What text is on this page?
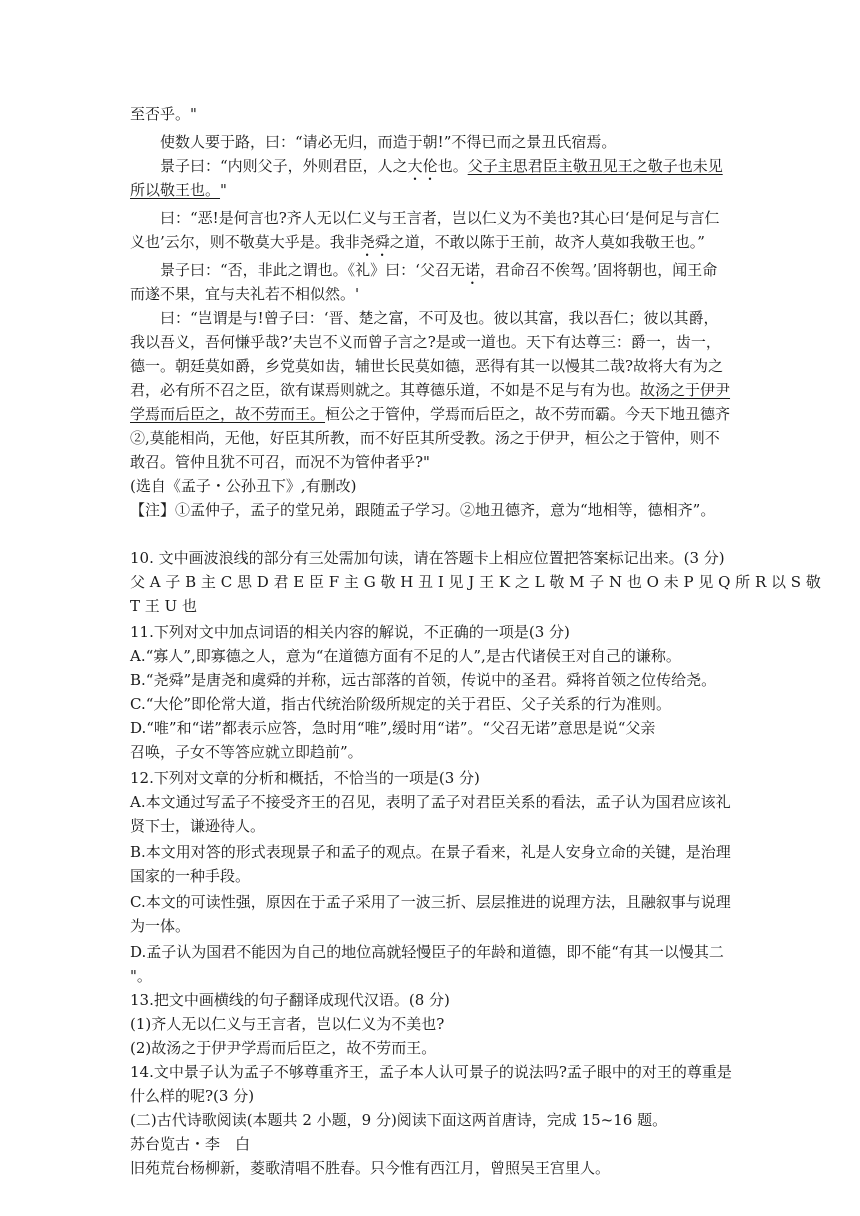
至否乎。"
使数人要于路，曰：“请必无归，而造于朝!”不得已而之景丑氏宿焉。
景子曰：“内则父子，外则君臣，人之大伦也。父子主思君臣主敬丑见王之敬子也未见
所以敬王也。"
曰：“恶!是何言也?齐人无以仁义与王言者，岂以仁义为不美也?其心曰‘是何足与言仁
义也’云尔，则不敬莫大乎是。我非尧舜之道，不敢以陈于王前，故齐人莫如我敬王也。”
景子曰：“否，非此之谓也。《礼》曰：‘父召无诺，君命召不俟驾。’固将朝也，闻王命
而遂不果，宜与夫礼若不相似然。'
曰：“岂谓是与!曾子曰：‘晋、楚之富，不可及也。彼以其富，我以吾仁；彼以其爵，
我以吾义，吾何慊乎哉?’夫岂不义而曾子言之?是或一道也。天下有达尊三：爵一，齿一，
德一。朝廷莫如爵，乡党莫如齿，辅世长民莫如德，恶得有其一以慢其二哉?故将大有为之
君，必有所不召之臣，欲有谋焉则就之。其尊德乐道，不如是不足与有为也。故汤之于伊尹
学焉而后臣之，故不劳而王。桓公之于管仲，学焉而后臣之，故不劳而霸。今天下地丑德齐
②,莫能相尚，无他，好臣其所教，而不好臣其所受教。汤之于伊尹，桓公之于管仲，则不
敢召。管仲且犹不可召，而况不为管仲者乎?"
(选自《孟子・公孙丑下》,有删改)
【注】①孟仲子，孟子的堂兄弟，跟随孟子学习。②地丑德齐，意为“地相等，德相齐”。
10. 文中画波浪线的部分有三处需加句读，请在答题卡上相应位置把答案标记出来。(3 分)
父 A 子 B 主 C 思 D 君 E 臣 F 主 G 敬 H 丑 I 见 J 王 K 之 L 敬 M 子 N 也 O 未 P 见 Q 所 R 以 S 敬
T 王 U 也
11.下列对文中加点词语的相关内容的解说，不正确的一项是(3 分)
A.“寡人”,即寡德之人，意为“在道德方面有不足的人”,是古代诸侯王对自己的谦称。
B.“尧舜”是唐尧和虞舜的并称，远古部落的首领，传说中的圣君。舜将首领之位传给尧。
C.“大伦”即伦常大道，指古代统治阶级所规定的关于君臣、父子关系的行为准则。
D.“唯”和“诺”都表示应答，急时用“唯”,缓时用“诺”。“父召无诺”意思是说“父亲
召唤，子女不等答应就立即趋前”。
12.下列对文章的分析和概括，不恰当的一项是(3 分)
A.本文通过写孟子不接受齐王的召见，表明了孟子对君臣关系的看法，孟子认为国君应该礼
贤下士，谦逊待人。
B.本文用对答的形式表现景子和孟子的观点。在景子看来，礼是人安身立命的关键，是治理
国家的一种手段。
C.本文的可读性强，原因在于孟子采用了一波三折、层层推进的说理方法，且融叙事与说理
为一体。
D.孟子认为国君不能因为自己的地位高就轻慢臣子的年龄和道德，即不能“有其一以慢其二
"。
13.把文中画横线的句子翻译成现代汉语。(8 分)
(1)齐人无以仁义与王言者，岂以仁义为不美也?
(2)故汤之于伊尹学焉而后臣之，故不劳而王。
14.文中景子认为孟子不够尊重齐王，孟子本人认可景子的说法吗?孟子眼中的对王的尊重是
什么样的呢?(3 分)
(二)古代诗歌阅读(本题共 2 小题，9 分)阅读下面这两首唐诗，完成 15~16 题。
苏台览古・李　白
旧苑荒台杨柳新，菱歌清唱不胜春。只今惟有西江月，曾照吴王宫里人。
